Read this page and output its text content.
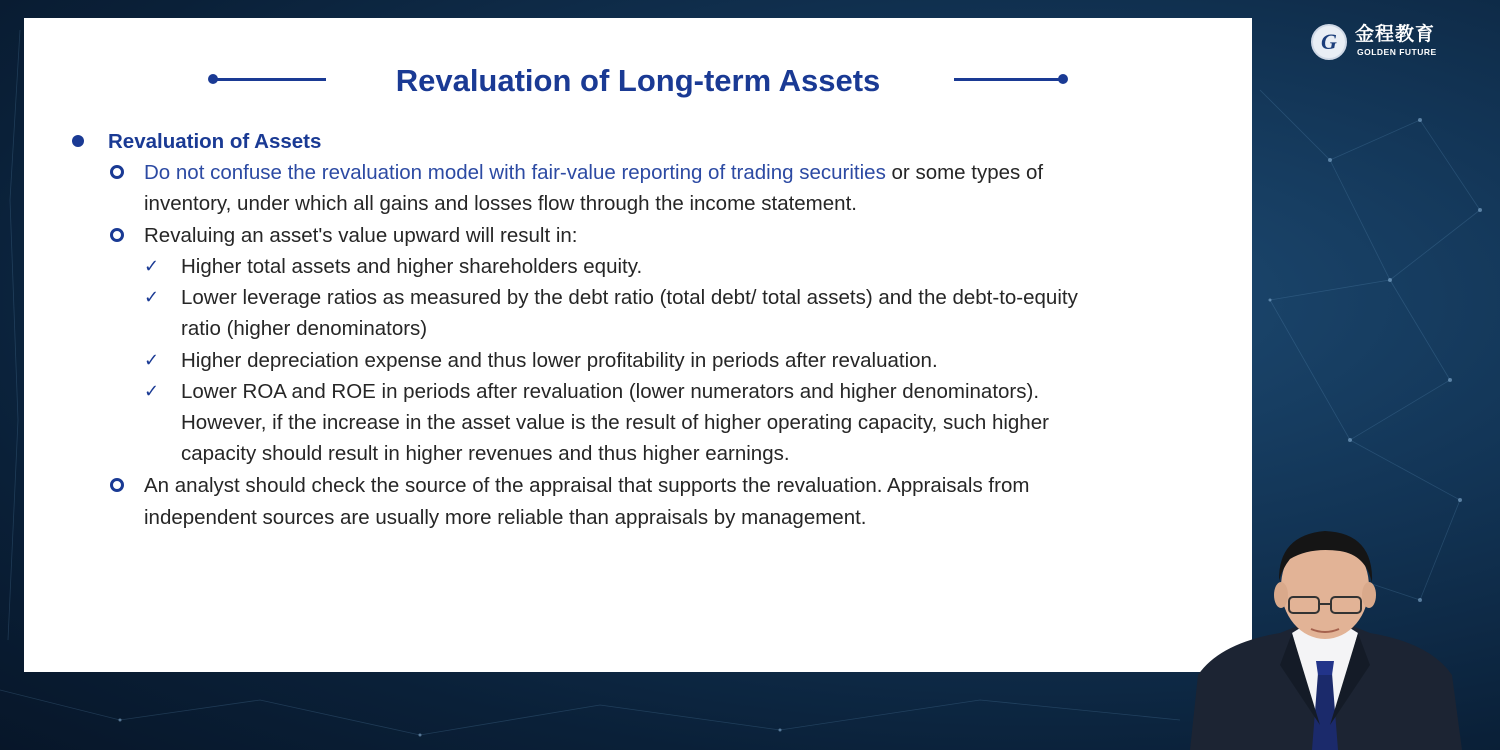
G 金程教育
GOLDEN FUTURE
Revaluation of Long-term Assets
Revaluation of Assets
Do not confuse the revaluation model with fair-value reporting of trading securities or some types of
inventory, under which all gains and losses flow through the income statement.
Revaluing an asset's value upward will result in:
✓ Higher total assets and higher shareholders equity.
✓ Lower leverage ratios as measured by the debt ratio (total debt/ total assets) and the debt-to-equity
ratio (higher denominators)
✓ Higher depreciation expense and thus lower profitability in periods after revaluation.
✓ Lower ROA and ROE in periods after revaluation (lower numerators and higher denominators).
However, if the increase in the asset value is the result of higher operating capacity, such higher
capacity should result in higher revenues and thus higher earnings.
An analyst should check the source of the appraisal that supports the revaluation. Appraisals from
independent sources are usually more reliable than appraisals by management.
